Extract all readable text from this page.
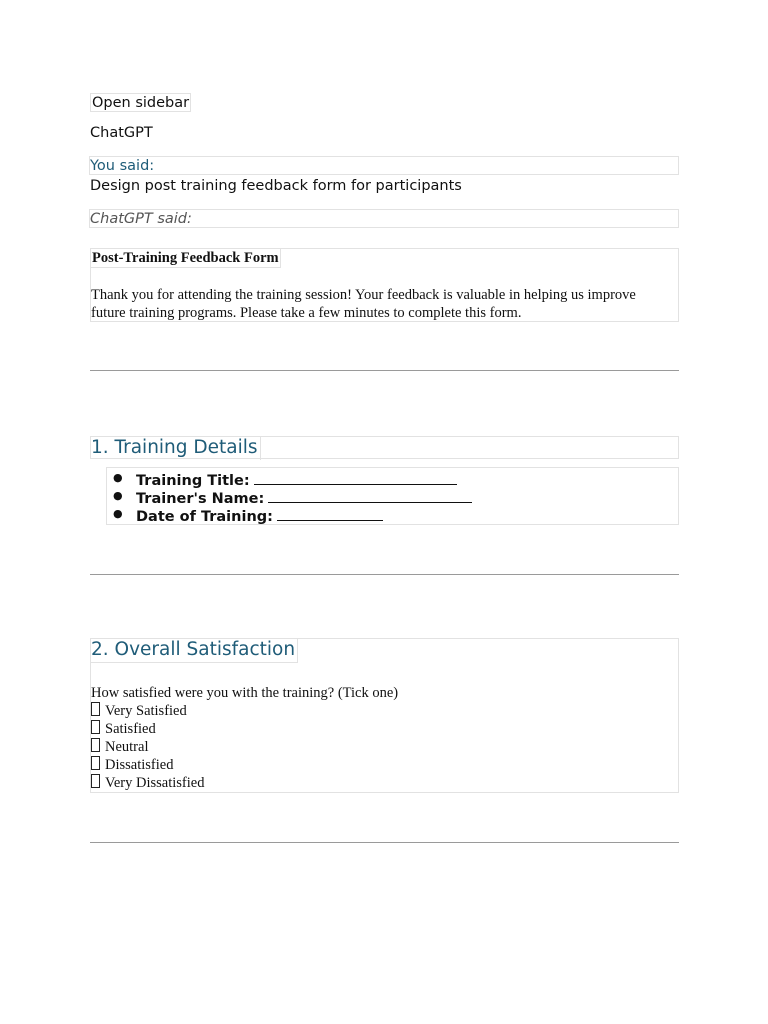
Open sidebar
ChatGPT
You said:
Design post training feedback form for participants
ChatGPT said:
Post-Training Feedback Form
Thank you for attending the training session! Your feedback is valuable in helping us improve future training programs. Please take a few minutes to complete this form.
1. Training Details
● Training Title:
● Trainer's Name:
● Date of Training:
2. Overall Satisfaction
How satisfied were you with the training? (Tick one)
Very Satisfied
Satisfied
Neutral
Dissatisfied
Very Dissatisfied
